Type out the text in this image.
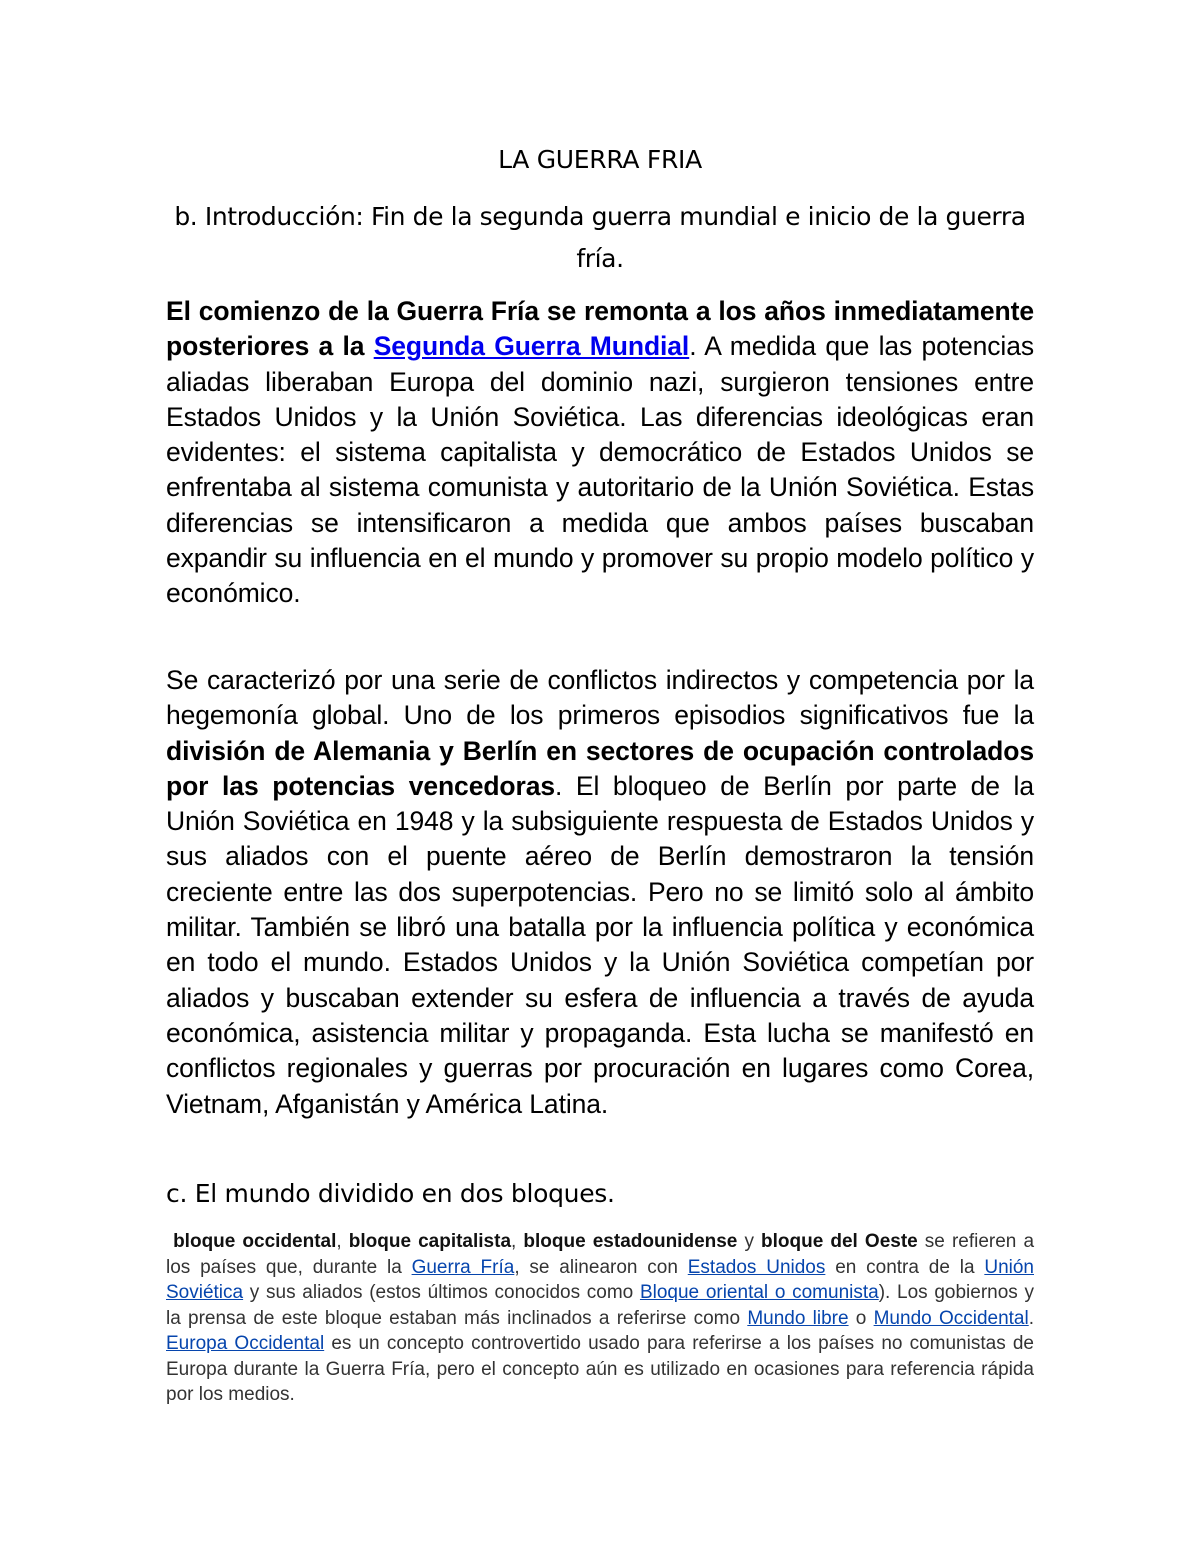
LA GUERRA FRIA
b. Introducción: Fin de la segunda guerra mundial e inicio de la guerra fría.

El comienzo de la Guerra Fría se remonta a los años inmediatamente posteriores a la Segunda Guerra Mundial. A medida que las potencias aliadas liberaban Europa del dominio nazi, surgieron tensiones entre Estados Unidos y la Unión Soviética. Las diferencias ideológicas eran evidentes: el sistema capitalista y democrático de Estados Unidos se enfrentaba al sistema comunista y autoritario de la Unión Soviética. Estas diferencias se intensificaron a medida que ambos países buscaban expandir su influencia en el mundo y promover su propio modelo político y económico.

Se caracterizó por una serie de conflictos indirectos y competencia por la hegemonía global. Uno de los primeros episodios significativos fue la división de Alemania y Berlín en sectores de ocupación controlados por las potencias vencedoras. El bloqueo de Berlín por parte de la Unión Soviética en 1948 y la subsiguiente respuesta de Estados Unidos y sus aliados con el puente aéreo de Berlín demostraron la tensión creciente entre las dos superpotencias. Pero no se limitó solo al ámbito militar. También se libró una batalla por la influencia política y económica en todo el mundo. Estados Unidos y la Unión Soviética competían por aliados y buscaban extender su esfera de influencia a través de ayuda económica, asistencia militar y propaganda. Esta lucha se manifestó en conflictos regionales y guerras por procuración en lugares como Corea, Vietnam, Afganistán y América Latina.

c. El mundo dividido en dos bloques.

bloque occidental, bloque capitalista, bloque estadounidense y bloque del Oeste se refieren a los países que, durante la Guerra Fría, se alinearon con Estados Unidos en contra de la Unión Soviética y sus aliados (estos últimos conocidos como Bloque oriental o comunista). Los gobiernos y la prensa de este bloque estaban más inclinados a referirse como Mundo libre o Mundo Occidental. Europa Occidental es un concepto controvertido usado para referirse a los países no comunistas de Europa durante la Guerra Fría, pero el concepto aún es utilizado en ocasiones para referencia rápida por los medios.
